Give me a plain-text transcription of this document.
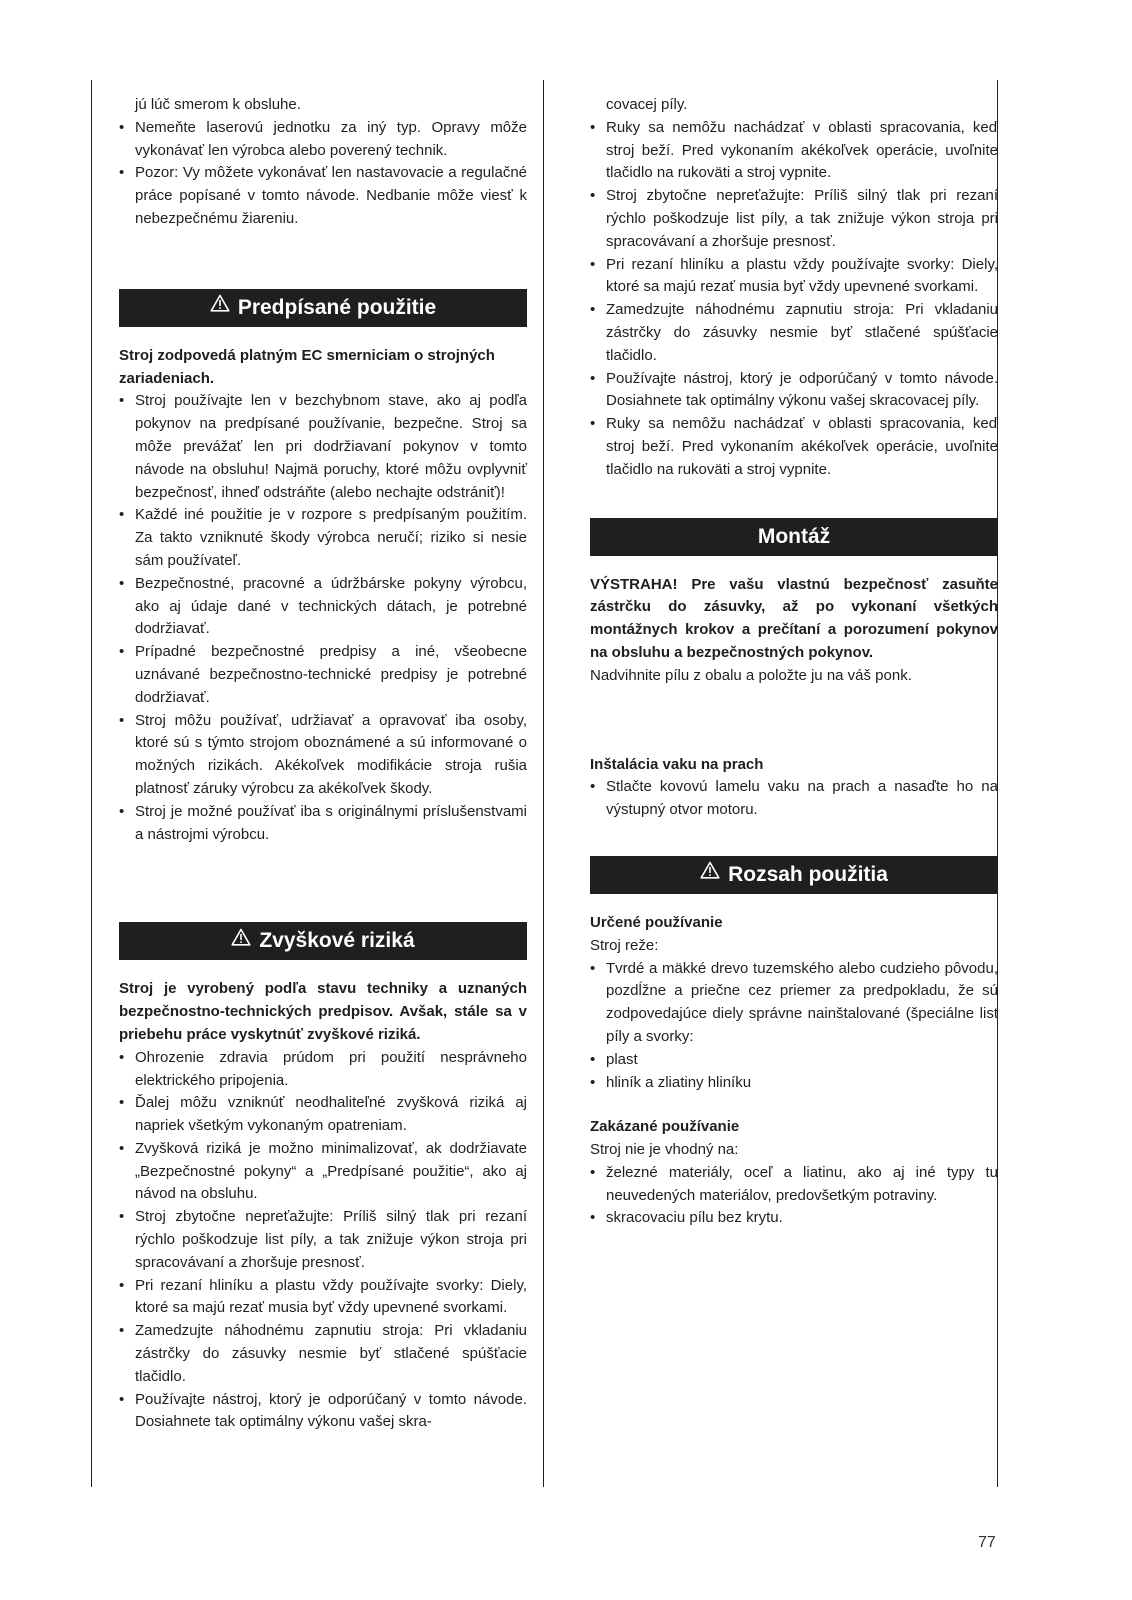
jú lúč smerom k obsluhe.

• Nemeňte laserovú jednotku za iný typ. Opravy môže vykonávať len výrobca alebo poverený technik.
• Pozor: Vy môžete vykonávať len nastavovacie a regulačné práce popísané v tomto návode. Nedbanie môže viesť k nebezpečnému žiareniu.
Predpísané použitie

Stroj zodpovedá platným EC smerniciam o strojných zariadeniach.

• Stroj používajte len v bezchybnom stave, ako aj podľa pokynov na predpísané používanie, bezpečne. Stroj sa môže prevážať len pri dodržiavaní pokynov v tomto návode na obsluhu! Najmä poruchy, ktoré môžu ovplyvniť bezpečnosť, ihneď odstráňte (alebo nechajte odstrániť)!
• Každé iné použitie je v rozpore s predpísaným použitím. Za takto vzniknuté škody výrobca neručí; riziko si nesie sám používateľ.
• Bezpečnostné, pracovné a údržbárske pokyny výrobcu, ako aj údaje dané v technických dátach, je potrebné dodržiavať.
• Prípadné bezpečnostné predpisy a iné, všeobecne uznávané bezpečnostno-technické predpisy je potrebné dodržiavať.
• Stroj môžu používať, udržiavať a opravovať iba osoby, ktoré sú s týmto strojom oboznámené a sú informované o možných rizikách. Akékoľvek modifikácie stroja rušia platnosť záruky výrobcu za akékoľvek škody.
• Stroj je možné používať iba s originálnymi príslušenstvami a nástrojmi výrobcu.
Zvyškové riziká

Stroj je vyrobený podľa stavu techniky a uznaných bezpečnostno-technických predpisov. Avšak, stále sa v priebehu práce vyskytnúť zvyškové riziká.

• Ohrozenie zdravia prúdom pri použití nesprávneho elektrického pripojenia.
• Ďalej môžu vzniknúť neodhaliteľné zvyšková riziká aj napriek všetkým vykonaným opatreniam.
• Zvyšková riziká je možno minimalizovať, ak dodržiavate „Bezpečnostné pokyny“ a „Predpísané použitie“, ako aj návod na obsluhu.
• Stroj zbytočne nepreťažujte: Príliš silný tlak pri rezaní rýchlo poškodzuje list píly, a tak znižuje výkon stroja pri spracovávaní a zhoršuje presnosť.
• Pri rezaní hliníku a plastu vždy používajte svorky: Diely, ktoré sa majú rezať musia byť vždy upevnené svorkami.
• Zamedzujte náhodnému zapnutiu stroja: Pri vkladaniu zástrčky do zásuvky nesmie byť stlačené spúšťacie tlačidlo.
• Používajte nástroj, ktorý je odporúčaný v tomto návode. Dosiahnete tak optimálny výkonu vašej skra-

covacej píly.

• Ruky sa nemôžu nachádzať v oblasti spracovania, keď stroj beží. Pred vykonaním akékoľvek operácie, uvoľnite tlačidlo na rukoväti a stroj vypnite.
• Stroj zbytočne nepreťažujte: Príliš silný tlak pri rezaní rýchlo poškodzuje list píly, a tak znižuje výkon stroja pri spracovávaní a zhoršuje presnosť.
• Pri rezaní hliníku a plastu vždy používajte svorky: Diely, ktoré sa majú rezať musia byť vždy upevnené svorkami.
• Zamedzujte náhodnému zapnutiu stroja: Pri vkladaniu zástrčky do zásuvky nesmie byť stlačené spúšťacie tlačidlo.
• Používajte nástroj, ktorý je odporúčaný v tomto návode. Dosiahnete tak optimálny výkonu vašej skracovacej píly.
• Ruky sa nemôžu nachádzať v oblasti spracovania, keď stroj beží. Pred vykonaním akékoľvek operácie, uvoľnite tlačidlo na rukoväti a stroj vypnite.
Montáž

VÝSTRAHA! Pre vašu vlastnú bezpečnosť zasuňte zástrčku do zásuvky, až po vykonaní všetkých montážnych krokov a prečítaní a porozumení pokynov na obsluhu a bezpečnostných pokynov.

Nadvihnite pílu z obalu a položte ju na váš ponk.

Inštalácia vaku na prach

• Stlačte kovovú lamelu vaku na prach a nasaďte ho na výstupný otvor motoru.
Rozsah použitia

Určené používanie

Stroj reže:

• Tvrdé a mäkké drevo tuzemského alebo cudzieho pôvodu, pozdĺžne a priečne cez priemer za predpokladu, že sú zodpovedajúce diely správne nainštalované (špeciálne list píly a svorky:
• plast
• hliník a zliatiny hliníku

Zakázané používanie

Stroj nie je vhodný na:

• železné materiály, oceľ a liatinu, ako aj iné typy tu neuvedených materiálov, predovšetkým potraviny.
• skracovaciu pílu bez krytu.
77
